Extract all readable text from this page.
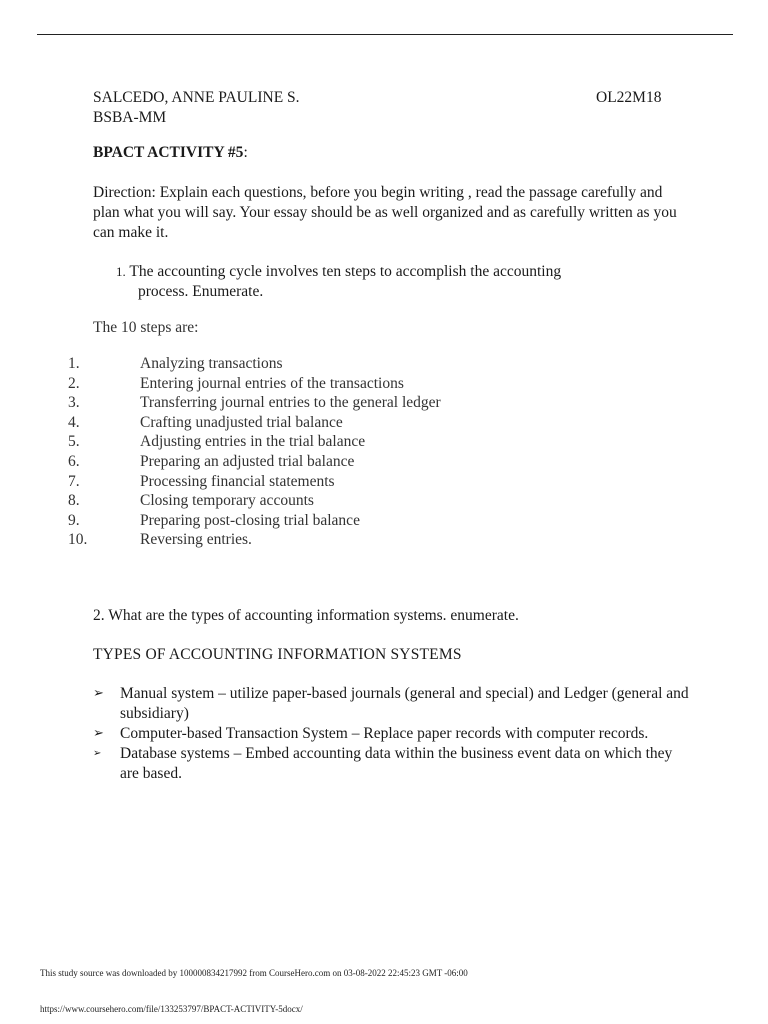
SALCEDO, ANNE PAULINE S.	OL22M18
BSBA-MM
BPACT ACTIVITY #5:
Direction: Explain each questions, before you begin writing , read the passage carefully and plan what you will say. Your essay should be as well organized and as carefully written as you can make it.
1. The accounting cycle involves ten steps to accomplish the accounting
process. Enumerate.
The 10 steps are:
1.	Analyzing transactions
2.	Entering journal entries of the transactions
3.	Transferring journal entries to the general ledger
4.	Crafting unadjusted trial balance
5.	Adjusting entries in the trial balance
6.	Preparing an adjusted trial balance
7.	Processing financial statements
8.	Closing temporary accounts
9.	Preparing post-closing trial balance
10.	Reversing entries.
2. What are the types of accounting information systems. enumerate.
TYPES OF ACCOUNTING INFORMATION SYSTEMS
➢ Manual system – utilize paper-based journals (general and special) and Ledger (general and subsidiary)
➢ Computer-based Transaction System – Replace paper records with computer records.
➢ Database systems – Embed accounting data within the business event data on which they are based.
This study source was downloaded by 100000834217992 from CourseHero.com on 03-08-2022 22:45:23 GMT -06:00
https://www.coursehero.com/file/133253797/BPACT-ACTIVITY-5docx/
